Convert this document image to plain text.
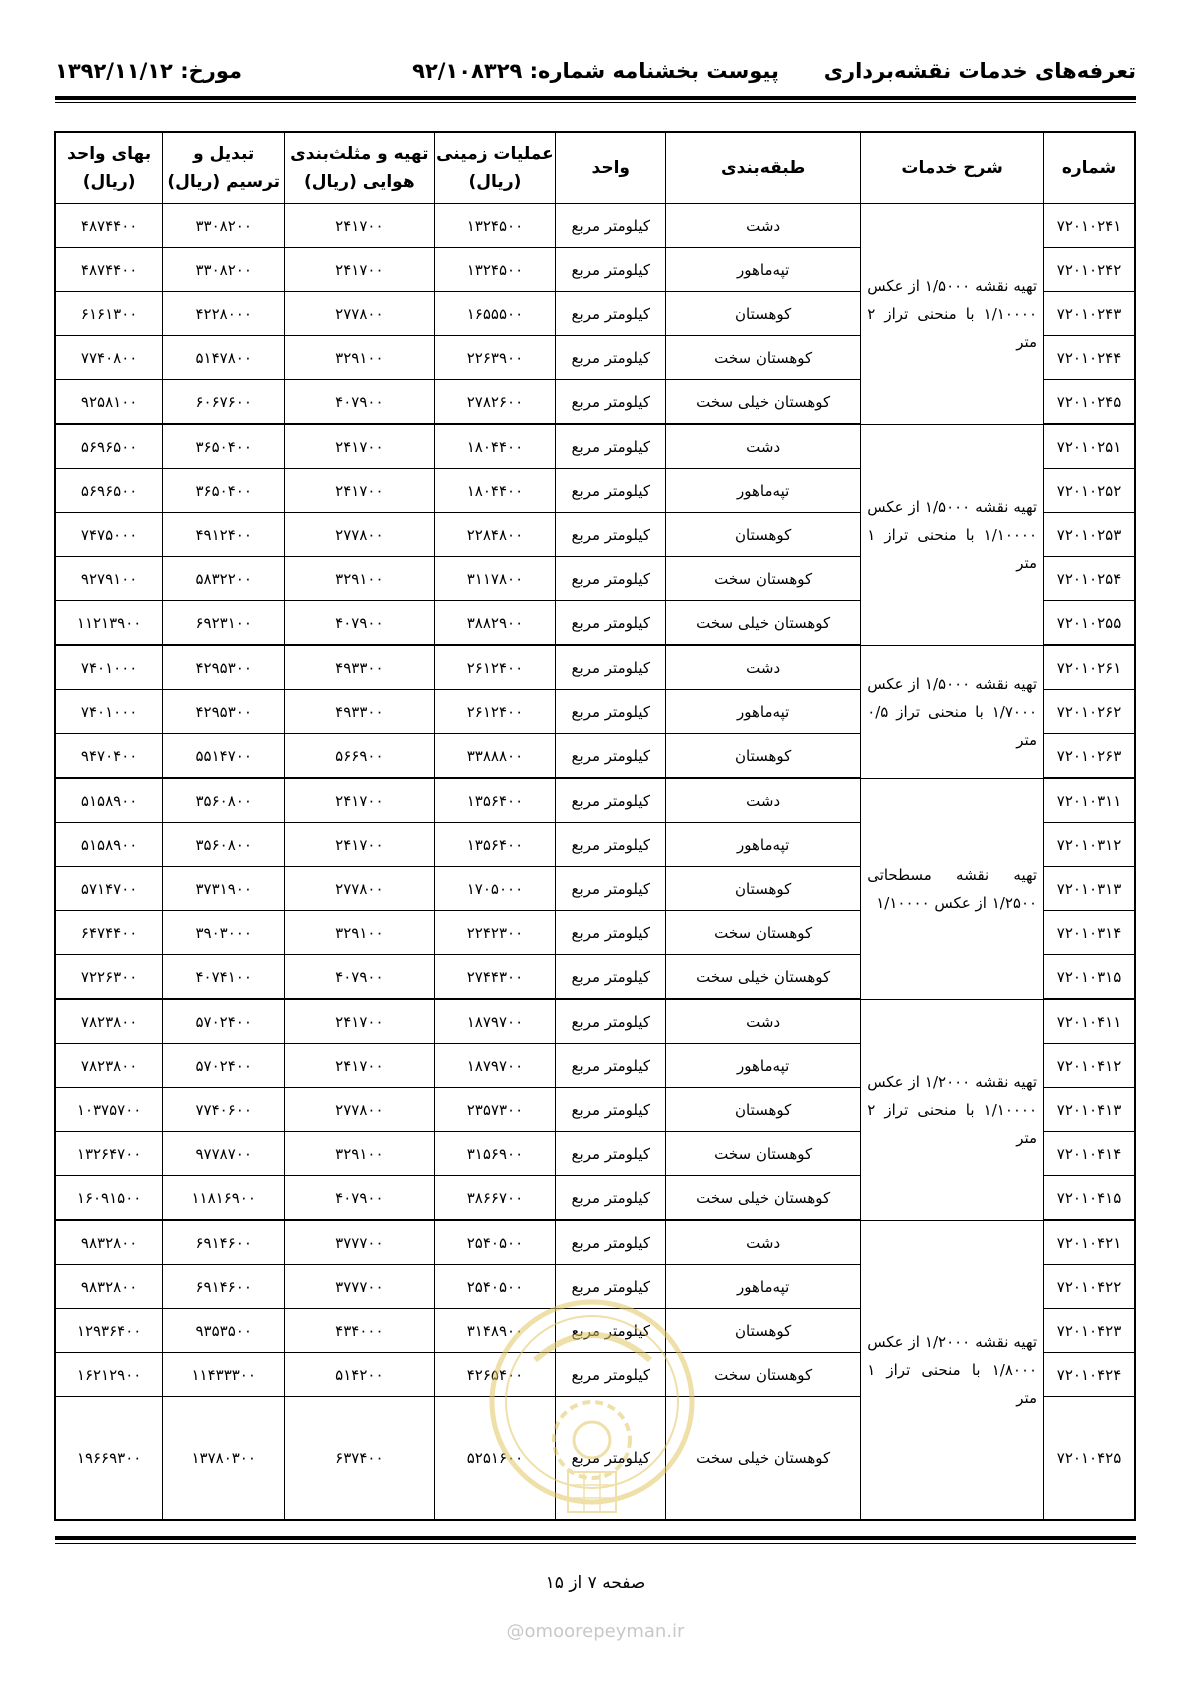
تعرفه‌های خدمات نقشه‌برداری
پیوست بخشنامه شماره: ۹۲/۱۰۸۳۲۹
مورخ: ۱۳۹۲/۱۱/۱۲
شماره	شرح خدمات	طبقه‌بندی	واحد	عملیات زمینی (ریال)	تهیه و مثلث‌بندی هوایی (ریال)	تبدیل و ترسیم (ریال)	بهای واحد (ریال)
۷۲۰۱۰۲۴۱	تهیه نقشه ۱/۵۰۰۰ از عکس ۱/۱۰۰۰۰ با منحنی تراز ۲ متر	دشت	کیلومتر مربع	۱۳۲۴۵۰۰	۲۴۱۷۰۰	۳۳۰۸۲۰۰	۴۸۷۴۴۰۰
۷۲۰۱۰۲۴۲		تپه‌ماهور	کیلومتر مربع	۱۳۲۴۵۰۰	۲۴۱۷۰۰	۳۳۰۸۲۰۰	۴۸۷۴۴۰۰
۷۲۰۱۰۲۴۳		کوهستان	کیلومتر مربع	۱۶۵۵۵۰۰	۲۷۷۸۰۰	۴۲۲۸۰۰۰	۶۱۶۱۳۰۰
۷۲۰۱۰۲۴۴		کوهستان سخت	کیلومتر مربع	۲۲۶۳۹۰۰	۳۲۹۱۰۰	۵۱۴۷۸۰۰	۷۷۴۰۸۰۰
۷۲۰۱۰۲۴۵		کوهستان خیلی سخت	کیلومتر مربع	۲۷۸۲۶۰۰	۴۰۷۹۰۰	۶۰۶۷۶۰۰	۹۲۵۸۱۰۰
۷۲۰۱۰۲۵۱	تهیه نقشه ۱/۵۰۰۰ از عکس ۱/۱۰۰۰۰ با منحنی تراز ۱ متر	دشت	کیلومتر مربع	۱۸۰۴۴۰۰	۲۴۱۷۰۰	۳۶۵۰۴۰۰	۵۶۹۶۵۰۰
۷۲۰۱۰۲۵۲		تپه‌ماهور	کیلومتر مربع	۱۸۰۴۴۰۰	۲۴۱۷۰۰	۳۶۵۰۴۰۰	۵۶۹۶۵۰۰
۷۲۰۱۰۲۵۳		کوهستان	کیلومتر مربع	۲۲۸۴۸۰۰	۲۷۷۸۰۰	۴۹۱۲۴۰۰	۷۴۷۵۰۰۰
۷۲۰۱۰۲۵۴		کوهستان سخت	کیلومتر مربع	۳۱۱۷۸۰۰	۳۲۹۱۰۰	۵۸۳۲۲۰۰	۹۲۷۹۱۰۰
۷۲۰۱۰۲۵۵		کوهستان خیلی سخت	کیلومتر مربع	۳۸۸۲۹۰۰	۴۰۷۹۰۰	۶۹۲۳۱۰۰	۱۱۲۱۳۹۰۰
۷۲۰۱۰۲۶۱	تهیه نقشه ۱/۵۰۰۰ از عکس ۱/۷۰۰۰ با منحنی تراز ۰/۵ متر	دشت	کیلومتر مربع	۲۶۱۲۴۰۰	۴۹۳۳۰۰	۴۲۹۵۳۰۰	۷۴۰۱۰۰۰
۷۲۰۱۰۲۶۲		تپه‌ماهور	کیلومتر مربع	۲۶۱۲۴۰۰	۴۹۳۳۰۰	۴۲۹۵۳۰۰	۷۴۰۱۰۰۰
۷۲۰۱۰۲۶۳		کوهستان	کیلومتر مربع	۳۳۸۸۸۰۰	۵۶۶۹۰۰	۵۵۱۴۷۰۰	۹۴۷۰۴۰۰
۷۲۰۱۰۳۱۱	تهیه نقشه مسطحاتی ۱/۲۵۰۰ از عکس ۱/۱۰۰۰۰	دشت	کیلومتر مربع	۱۳۵۶۴۰۰	۲۴۱۷۰۰	۳۵۶۰۸۰۰	۵۱۵۸۹۰۰
۷۲۰۱۰۳۱۲		تپه‌ماهور	کیلومتر مربع	۱۳۵۶۴۰۰	۲۴۱۷۰۰	۳۵۶۰۸۰۰	۵۱۵۸۹۰۰
۷۲۰۱۰۳۱۳		کوهستان	کیلومتر مربع	۱۷۰۵۰۰۰	۲۷۷۸۰۰	۳۷۳۱۹۰۰	۵۷۱۴۷۰۰
۷۲۰۱۰۳۱۴		کوهستان سخت	کیلومتر مربع	۲۲۴۲۳۰۰	۳۲۹۱۰۰	۳۹۰۳۰۰۰	۶۴۷۴۴۰۰
۷۲۰۱۰۳۱۵		کوهستان خیلی سخت	کیلومتر مربع	۲۷۴۴۳۰۰	۴۰۷۹۰۰	۴۰۷۴۱۰۰	۷۲۲۶۳۰۰
۷۲۰۱۰۴۱۱	تهیه نقشه ۱/۲۰۰۰ از عکس ۱/۱۰۰۰۰ با منحنی تراز ۲ متر	دشت	کیلومتر مربع	۱۸۷۹۷۰۰	۲۴۱۷۰۰	۵۷۰۲۴۰۰	۷۸۲۳۸۰۰
۷۲۰۱۰۴۱۲		تپه‌ماهور	کیلومتر مربع	۱۸۷۹۷۰۰	۲۴۱۷۰۰	۵۷۰۲۴۰۰	۷۸۲۳۸۰۰
۷۲۰۱۰۴۱۳		کوهستان	کیلومتر مربع	۲۳۵۷۳۰۰	۲۷۷۸۰۰	۷۷۴۰۶۰۰	۱۰۳۷۵۷۰۰
۷۲۰۱۰۴۱۴		کوهستان سخت	کیلومتر مربع	۳۱۵۶۹۰۰	۳۲۹۱۰۰	۹۷۷۸۷۰۰	۱۳۲۶۴۷۰۰
۷۲۰۱۰۴۱۵		کوهستان خیلی سخت	کیلومتر مربع	۳۸۶۶۷۰۰	۴۰۷۹۰۰	۱۱۸۱۶۹۰۰	۱۶۰۹۱۵۰۰
۷۲۰۱۰۴۲۱	تهیه نقشه ۱/۲۰۰۰ از عکس ۱/۸۰۰۰ با منحنی تراز ۱ متر	دشت	کیلومتر مربع	۲۵۴۰۵۰۰	۳۷۷۷۰۰	۶۹۱۴۶۰۰	۹۸۳۲۸۰۰
۷۲۰۱۰۴۲۲		تپه‌ماهور	کیلومتر مربع	۲۵۴۰۵۰۰	۳۷۷۷۰۰	۶۹۱۴۶۰۰	۹۸۳۲۸۰۰
۷۲۰۱۰۴۲۳		کوهستان	کیلومتر مربع	۳۱۴۸۹۰۰	۴۳۴۰۰۰	۹۳۵۳۵۰۰	۱۲۹۳۶۴۰۰
۷۲۰۱۰۴۲۴		کوهستان سخت	کیلومتر مربع	۴۲۶۵۴۰۰	۵۱۴۲۰۰	۱۱۴۳۳۳۰۰	۱۶۲۱۲۹۰۰
۷۲۰۱۰۴۲۵		کوهستان خیلی سخت	کیلومتر مربع	۵۲۵۱۶۰۰	۶۳۷۴۰۰	۱۳۷۸۰۳۰۰	۱۹۶۶۹۳۰۰
صفحه ۷ از ۱۵
@omoorepeyman.ir
